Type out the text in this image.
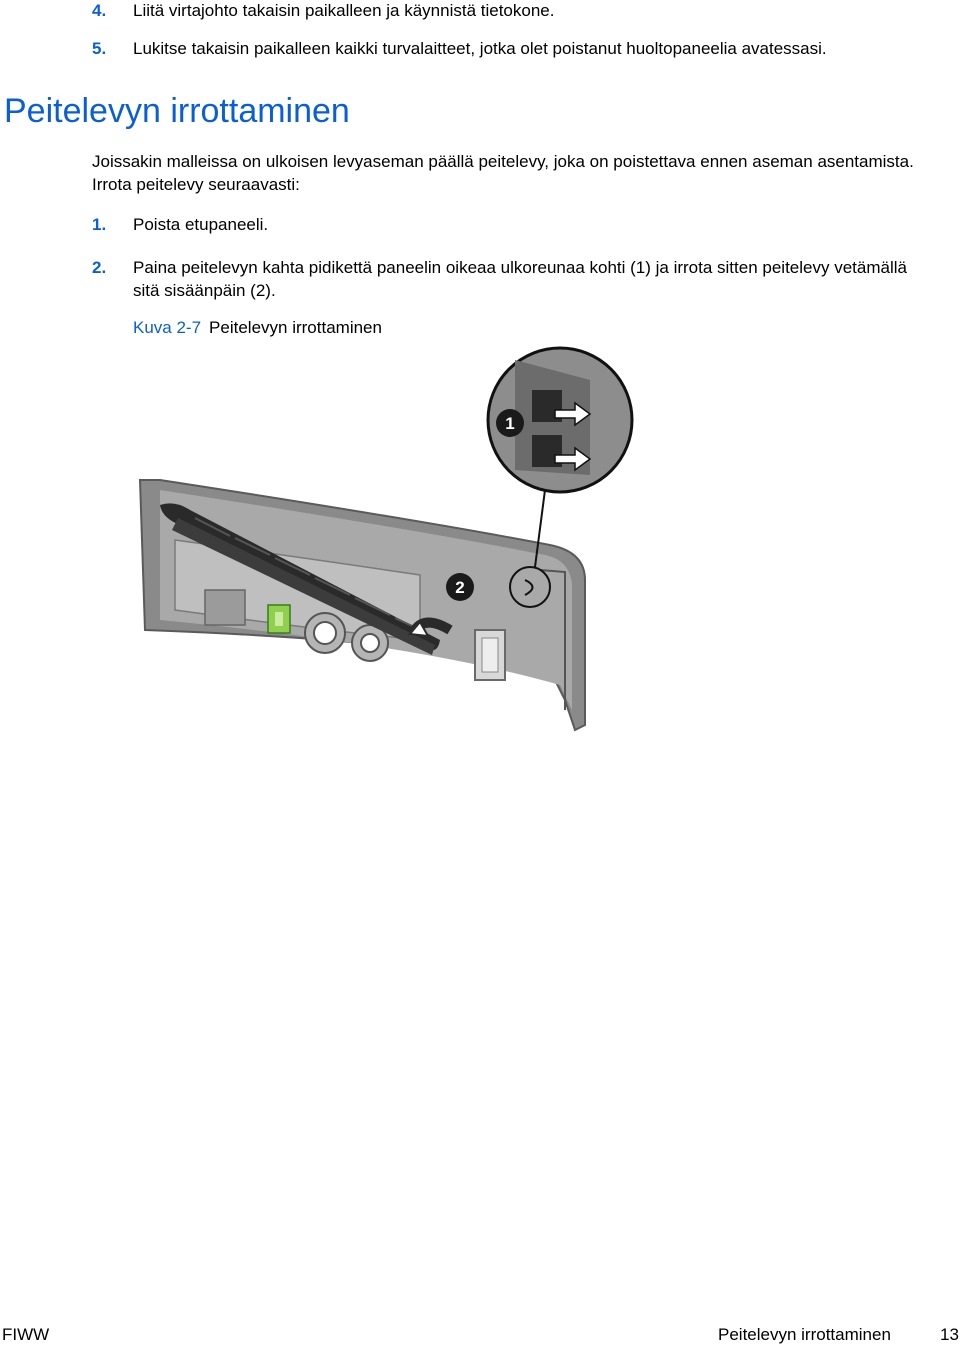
4. Liitä virtajohto takaisin paikalleen ja käynnistä tietokone.
5. Lukitse takaisin paikalleen kaikki turvalaitteet, jotka olet poistanut huoltopaneelia avatessasi.
Peitelevyn irrottaminen
Joissakin malleissa on ulkoisen levyaseman päällä peitelevy, joka on poistettava ennen aseman asentamista. Irrota peitelevy seuraavasti:
1. Poista etupaneeli.
2. Paina peitelevyn kahta pidikettä paneelin oikeaa ulkoreunaa kohti (1) ja irrota sitten peitelevy vetämällä sitä sisäänpäin (2).
Kuva 2-7 Peitelevyn irrottaminen
2
1
FIWW	Peitelevyn irrottaminen	13
